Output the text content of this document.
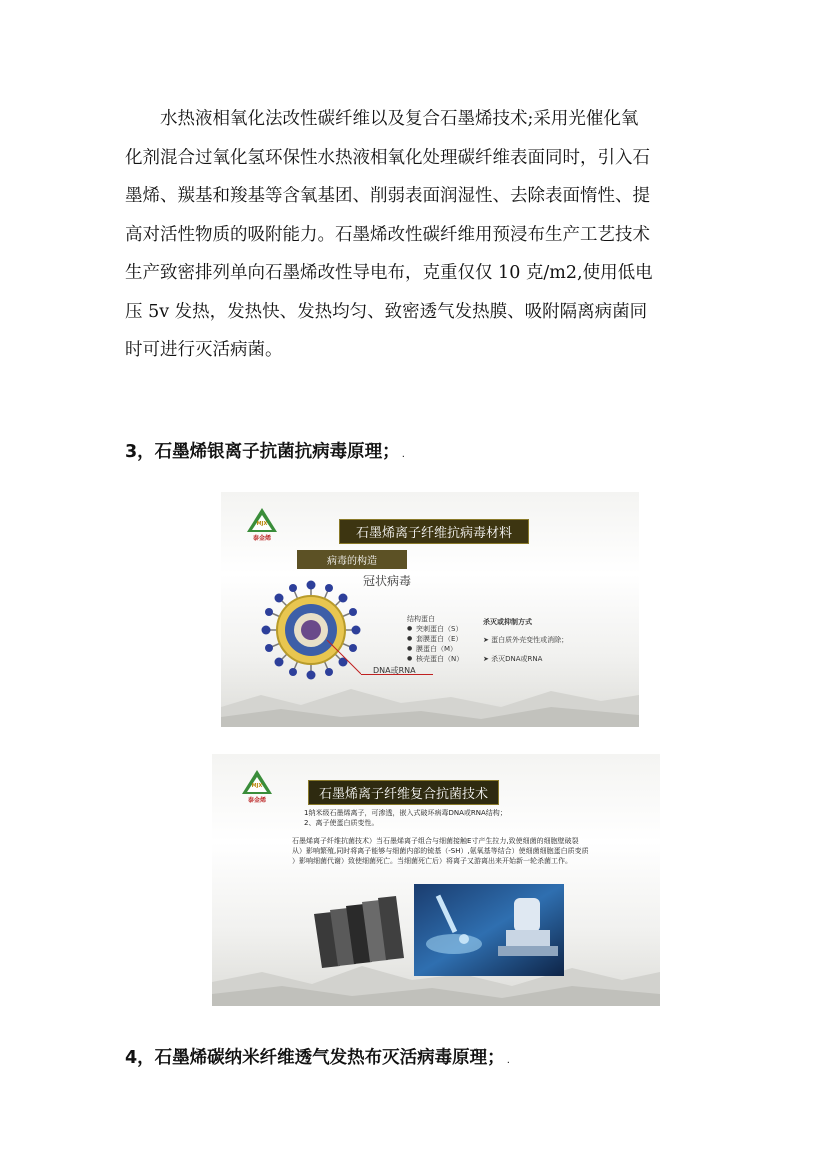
水热液相氧化法改性碳纤维以及复合石墨烯技术;采用光催化氧
化剂混合过氧化氢环保性水热液相氧化处理碳纤维表面同时，引入石
墨烯、羰基和羧基等含氧基团、削弱表面润湿性、去除表面惰性、提
高对活性物质的吸附能力。石墨烯改性碳纤维用预浸布生产工艺技术
生产致密排列单向石墨烯改性导电布，克重仅仅 10 克/m2,使用低电
压 5v 发热，发热快、发热均匀、致密透气发热膜、吸附隔离病菌同
时可进行灭活病菌。

3，石墨烯银离子抗菌抗病毒原理； .

MJX
泰金烯	石墨烯离子纤维抗病毒材料
病毒的构造
冠状病毒
结构蛋白
● 突刺蛋白（S）
● 套膜蛋白（E）
● 膜蛋白（M）
● 核壳蛋白（N）
DNA或RNA
杀灭或抑制方式
➤ 蛋白质外壳变性或消除；
➤ 杀灭DNA或RNA
MJX
泰金烯	石墨烯离子纤维复合抗菌技术
1纳米级石墨烯离子，可渗透，嵌入式破坏病毒DNA或RNA结构；
2、离子使蛋白质变性。
石墨烯离子纤维抗菌技术）当石墨烯离子组合与细菌接触E寸产生拉力,致使细菌的细胞壁破裂 从）影响繁殖,同时将离子能够与细菌内部的锍基（-SH）,氨氧基等结合）使细菌细胞蛋白质变质 ）影响细菌代谢）致使细菌死亡。当细菌死亡后）将离子又游离出来开始新一轮杀菌工作。

4，石墨烯碳纳米纤维透气发热布灭活病毒原理； .
